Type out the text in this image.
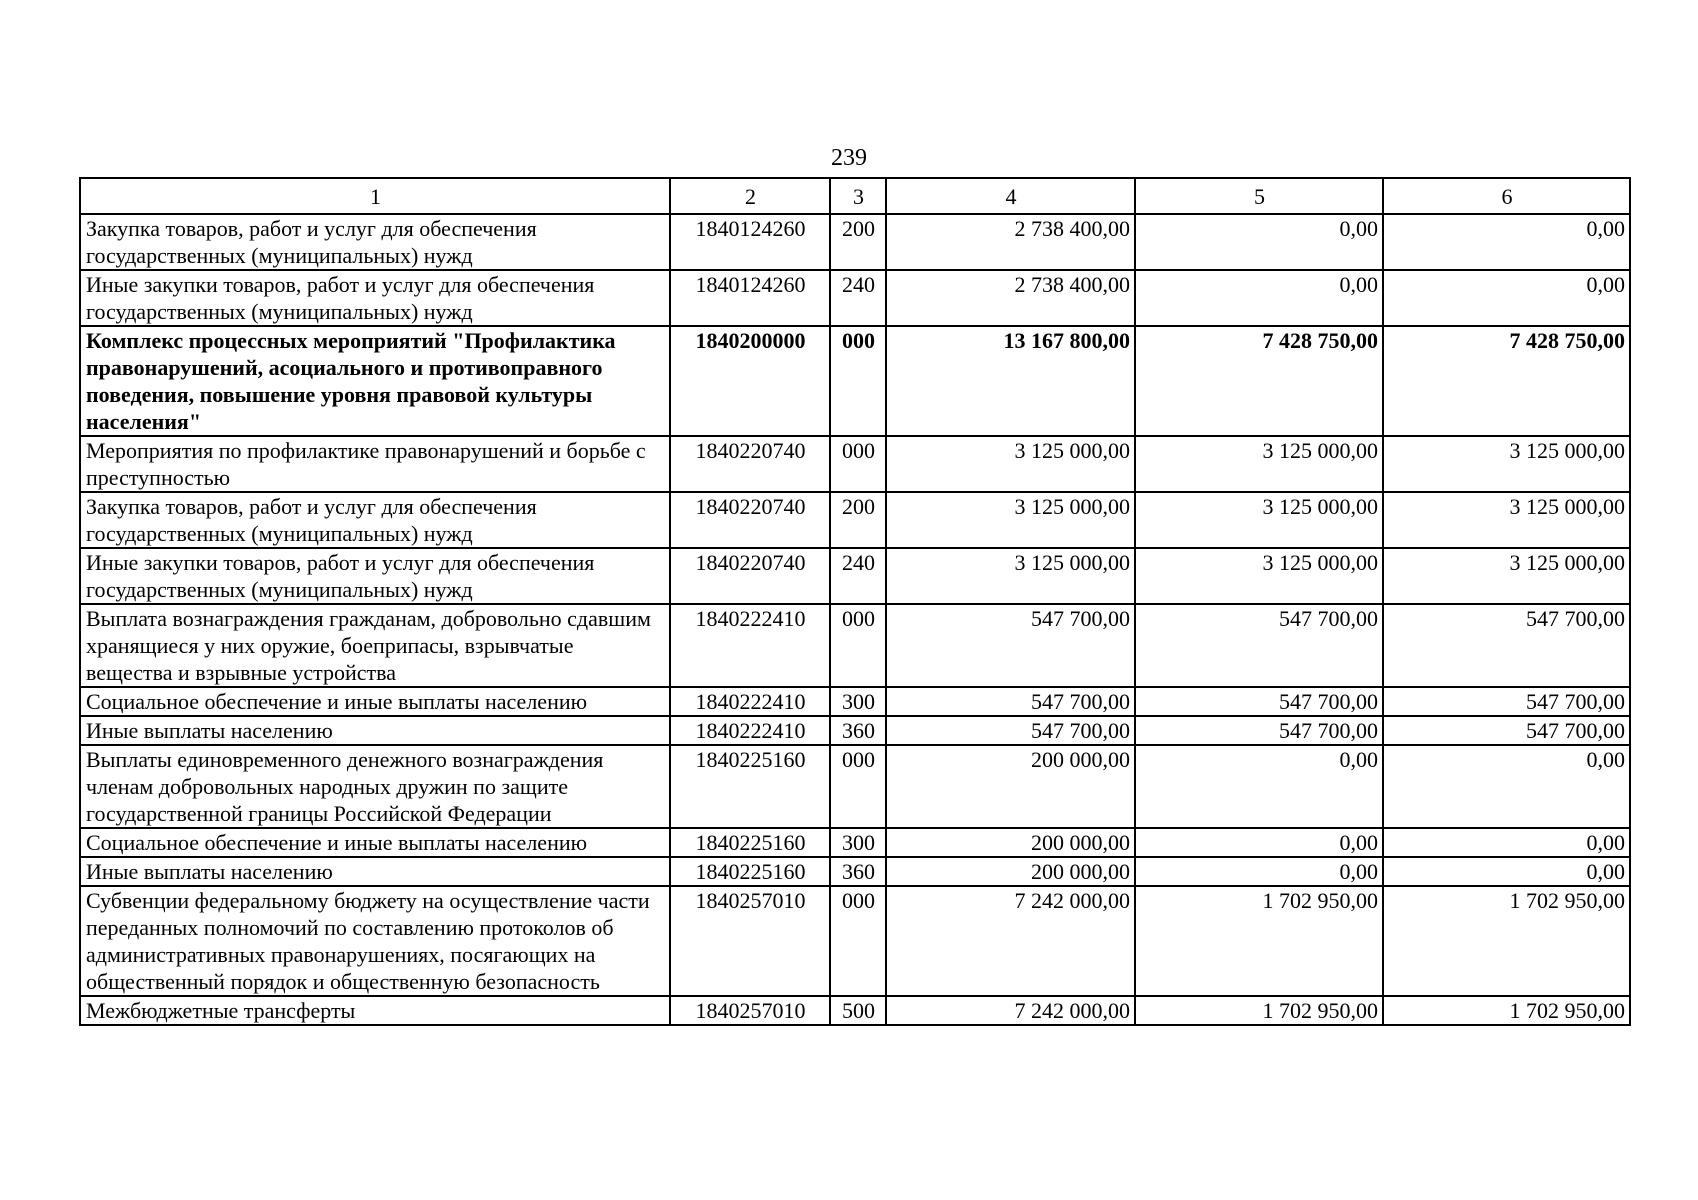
239
1	2	3	4	5	6
Закупка товаров, работ и услуг для обеспечения государственных (муниципальных) нужд	1840124260	200	2 738 400,00	0,00	0,00
Иные закупки товаров, работ и услуг для обеспечения государственных (муниципальных) нужд	1840124260	240	2 738 400,00	0,00	0,00
Комплекс процессных мероприятий "Профилактика правонарушений, асоциального и противоправного поведения, повышение уровня правовой культуры населения"	1840200000	000	13 167 800,00	7 428 750,00	7 428 750,00
Мероприятия по профилактике правонарушений и борьбе с преступностью	1840220740	000	3 125 000,00	3 125 000,00	3 125 000,00
Закупка товаров, работ и услуг для обеспечения государственных (муниципальных) нужд	1840220740	200	3 125 000,00	3 125 000,00	3 125 000,00
Иные закупки товаров, работ и услуг для обеспечения государственных (муниципальных) нужд	1840220740	240	3 125 000,00	3 125 000,00	3 125 000,00
Выплата вознаграждения гражданам, добровольно сдавшим хранящиеся у них оружие, боеприпасы, взрывчатые вещества и взрывные устройства	1840222410	000	547 700,00	547 700,00	547 700,00
Социальное обеспечение и иные выплаты населению	1840222410	300	547 700,00	547 700,00	547 700,00
Иные выплаты населению	1840222410	360	547 700,00	547 700,00	547 700,00
Выплаты единовременного денежного вознаграждения членам добровольных народных дружин по защите государственной границы Российской Федерации	1840225160	000	200 000,00	0,00	0,00
Социальное обеспечение и иные выплаты населению	1840225160	300	200 000,00	0,00	0,00
Иные выплаты населению	1840225160	360	200 000,00	0,00	0,00
Субвенции федеральному бюджету на осуществление части переданных полномочий по составлению протоколов об административных правонарушениях, посягающих на общественный порядок и общественную безопасность	1840257010	000	7 242 000,00	1 702 950,00	1 702 950,00
Межбюджетные трансферты	1840257010	500	7 242 000,00	1 702 950,00	1 702 950,00
